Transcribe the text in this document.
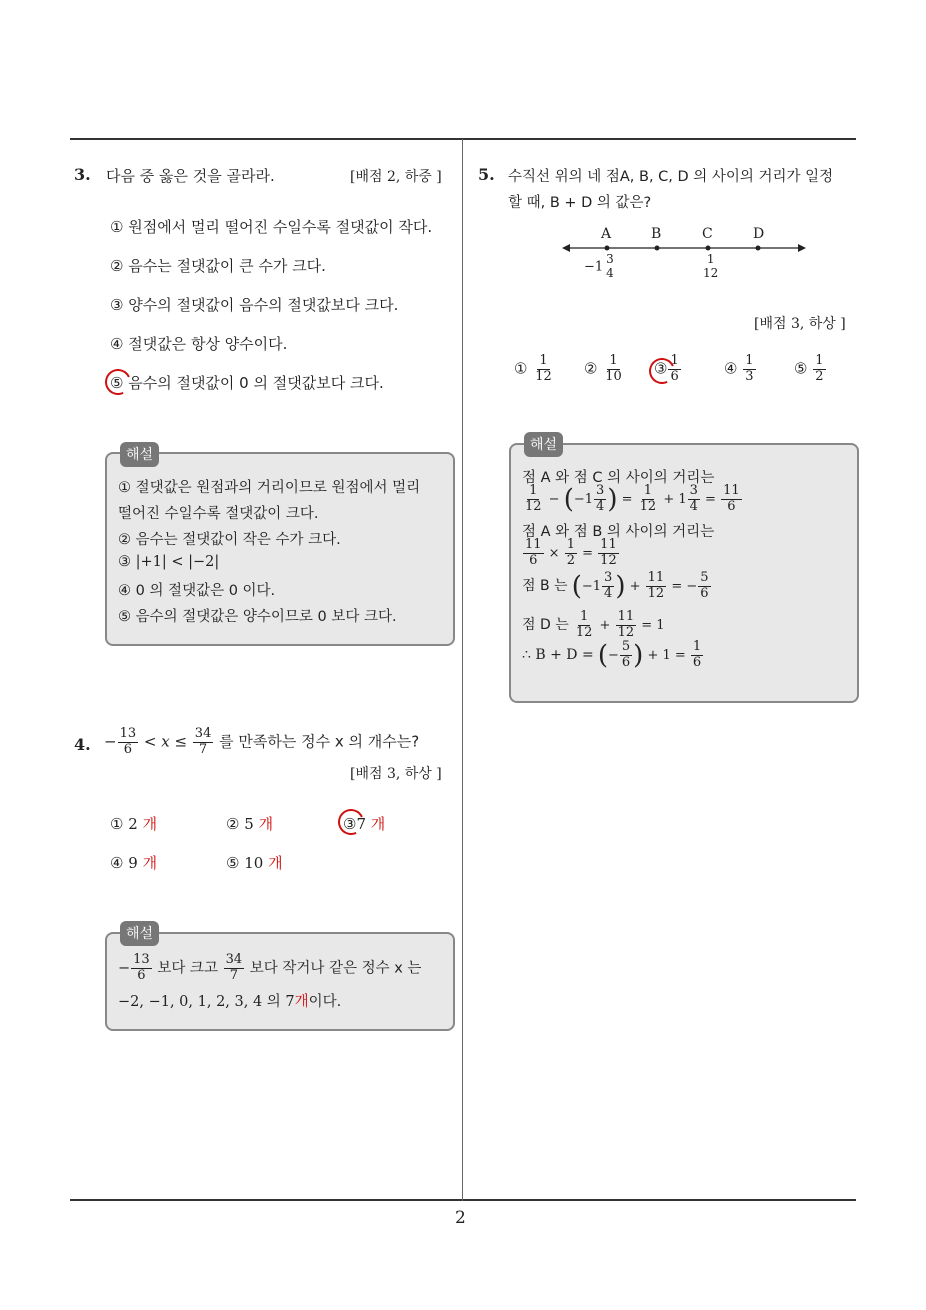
2
3. 다음 중 옳은 것을 골라라.	[배점 2, 하중 ]
① 원점에서 멀리 떨어진 수일수록 절댓값이 작다.
② 음수는 절댓값이 큰 수가 크다.
③ 양수의 절댓값이 음수의 절댓값보다 크다.
④ 절댓값은 항상 양수이다.
⑤ 음수의 절댓값이 0 의 절댓값보다 크다.
해설
① 절댓값은 원점과의 거리이므로 원점에서 멀리
떨어진 수일수록 절댓값이 크다.
② 음수는 절댓값이 작은 수가 크다.
③ |+1| < |−2|
④ 0 의 절댓값은 0 이다.
⑤ 음수의 절댓값은 양수이므로 0 보다 크다.
4. − $\frac{13}{6} < x \le \frac{34}{7}$ 를 만족하는 정수 x 의 개수는?
[배점 3, 하상 ]
① 2 개	② 5 개	③7 개
④ 9 개	⑤ 10 개
해설
− $\frac{13}{6}$ 보다 크고 $\frac{34}{7}$ 보다 작거나 같은 정수 x 는
−2, −1, 0, 1, 2, 3, 4 의 7개이다.
5. 수직선 위의 네 점A, B, C, D 의 사이의 거리가 일정
할 때, B + D 의 값은?
A	B	C	D
−1
3
4
1
12
[배점 3, 하상 ]
① $\frac{1}{12}$ ② $\frac{1}{10}$ ③ $\frac{1}{6}$	④ $\frac{1}{3}$	⑤ $\frac{1}{2}$
해설
점 A 와 점 C 의 사이의 거리는
$\frac{1}{12} - (-1 \frac{3}{4}$ ) = $\frac{1}{12} + 1 \frac{3}{4} = \frac{11}{6}$
점 A 와 점 B 의 사이의 거리는
$\frac{11}{6} \times \frac{1}{2} = \frac{11}{12}$
점 B 는 ($-1 \frac{3}{4}$ ) + $\frac{11}{12}$ = − $\frac{5}{6}$
점 D 는 $\frac{1}{12} + \frac{11}{12} = 1$
∴ B + D = (− $\frac{5}{6}$ ) + $1 = \frac{1}{6}$
